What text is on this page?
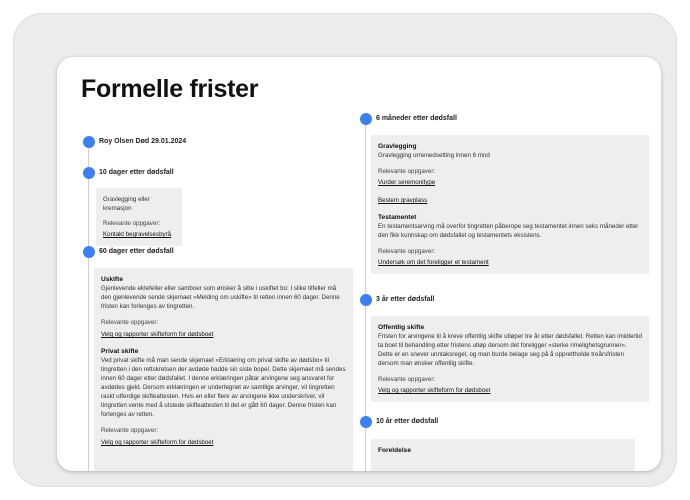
Formelle frister
Roy Olsen Død 29.01.2024
10 dager etter dødsfall

Gravlegging eller kremasjon

Relevante oppgaver:

Kontakt begravelsesbyrå
60 dager etter dødsfall
Uskifte

Gjenlevende ektefeller eller samboer som ønsker å sitte i uskiftet bo: I slike tilfeller må den gjenlevende sende skjemaet «Melding om uskifte» til retten innen 60 dager. Denne fristen kan forlenges av tingretten.

Relevante oppgaver:

Velg og rapporter skifteform for dødsboet
Privat skifte

Ved privat skifte må man sende skjemaet «Erklæring om privat skifte av dødsbo» til tingretten i den rettskretsen der avdøde hadde sin siste bopel. Dette skjemaet må sendes innen 60 dager etter dødsfallet. I denne erklæringen påtar arvingene seg ansvaret for avdødes gjeld. Dersom erklæringen er undertegnet av samtlige arvinger, vil tingretten raskt utferdige skifteattesten. Hvis en eller flere av arvingene ikke underskriver, vil tingretten vente med å utstede skifteattesten til det er gått 60 dager. Denne fristen kan forlenges av retten.

Relevante oppgaver:

Velg og rapporter skifteform for dødsboet
6 måneder etter dødsfall
Gravlegging

Gravlegging urnenedsetting innen 6 mnd

Relevante oppgaver:

Vurder seremonitype
Bestem gravplass
Testamentet

En testamentsarving må overfor tingretten påberope seg testamentet innen seks måneder etter den fikk kunnskap om dødsfallet og testamentets eksistens.

Relevante oppgaver:

Undersøk om det foreligger et testament
3 år etter dødsfall
Offentlig skifte

Fristen for arvingene til å kreve offentlig skifte utløper tre år etter dødsfallet. Retten kan imidlertid ta boet til behandling etter fristens utløp dersom det foreligger «sterke rimelighetsgrunner». Dette er en snever unntaksregel, og man burde belage seg på å opprettholde treårsfristen dersom man ønsker offentlig skifte.

Relevante oppgaver:

Velg og rapporter skifteform for dødsboet
10 år etter dødsfall
Foreldelse
